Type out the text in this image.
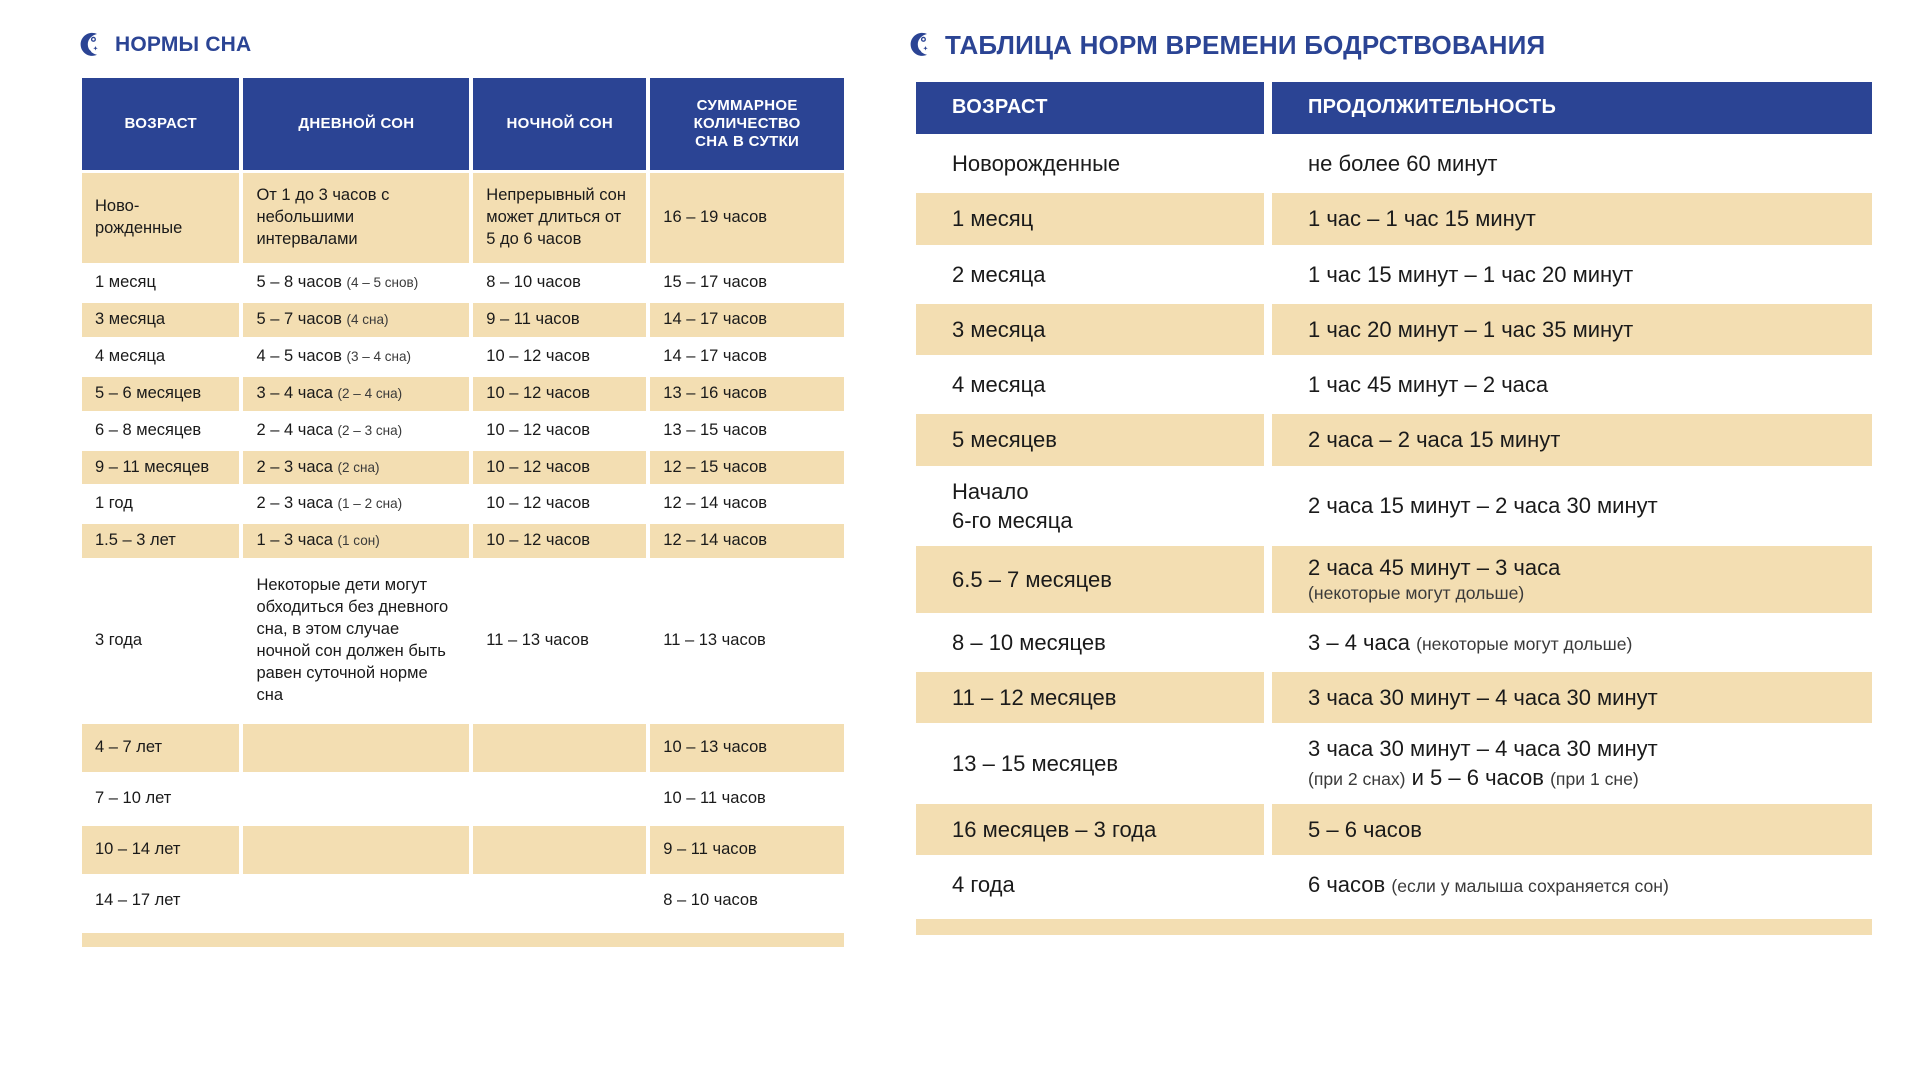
НОРМЫ СНА
ВОЗРАСТ	ДНЕВНОЙ СОН	НОЧНОЙ СОН	СУММАРНОЕ
КОЛИЧЕСТВО
СНА В СУТКИ

Ново-
рожденные	От 1 до 3 часов с небольшими интервалами	Непрерывный сон может длиться от 5 до 6 часов	16 – 19 часов

1 месяц	5 – 8 часов (4 – 5 снов)	8 – 10 часов	15 – 17 часов

3 месяца	5 – 7 часов (4 сна)	9 – 11 часов	14 – 17 часов

4 месяца	4 – 5 часов (3 – 4 сна)	10 – 12 часов	14 – 17 часов

5 – 6 месяцев	3 – 4 часа (2 – 4 сна)	10 – 12 часов	13 – 16 часов

6 – 8 месяцев	2 – 4 часа (2 – 3 сна)	10 – 12 часов	13 – 15 часов

9 – 11 месяцев	2 – 3 часа (2 сна)	10 – 12 часов	12 – 15 часов

1 год	2 – 3 часа (1 – 2 сна)	10 – 12 часов	12 – 14 часов

1.5 – 3 лет	1 – 3 часа (1 сон)	10 – 12 часов	12 – 14 часов

3 года	Некоторые дети могут обходиться без дневного сна, в этом случае ночной сон должен быть равен суточной норме сна	11 – 13 часов	11 – 13 часов

4 – 7 лет			10 – 13 часов

7 – 10 лет			10 – 11 часов

10 – 14 лет			9 – 11 часов

14 – 17 лет			8 – 10 часов
ТАБЛИЦА НОРМ ВРЕМЕНИ БОДРСТВОВАНИЯ
ВОЗРАСТ	ПРОДОЛЖИТЕЛЬНОСТЬ

Новорожденные	не более 60 минут

1 месяц	1 час – 1 час 15 минут

2 месяца	1 час 15 минут – 1 час 20 минут

3 месяца	1 час 20 минут – 1 час 35 минут

4 месяца	1 час 45 минут – 2 часа

5 месяцев	2 часа – 2 часа 15 минут

Начало
6-го месяца	2 часа 15 минут – 2 часа 30 минут

6.5 – 7 месяцев	2 часа 45 минут – 3 часа
(некоторые могут дольше)

8 – 10 месяцев	3 – 4 часа (некоторые могут дольше)

11 – 12 месяцев	3 часа 30 минут – 4 часа 30 минут

13 – 15 месяцев	3 часа 30 минут – 4 часа 30 минут
(при 2 снах) и 5 – 6 часов (при 1 сне)

16 месяцев – 3 года	5 – 6 часов

4 года	6 часов (если у малыша сохраняется сон)
